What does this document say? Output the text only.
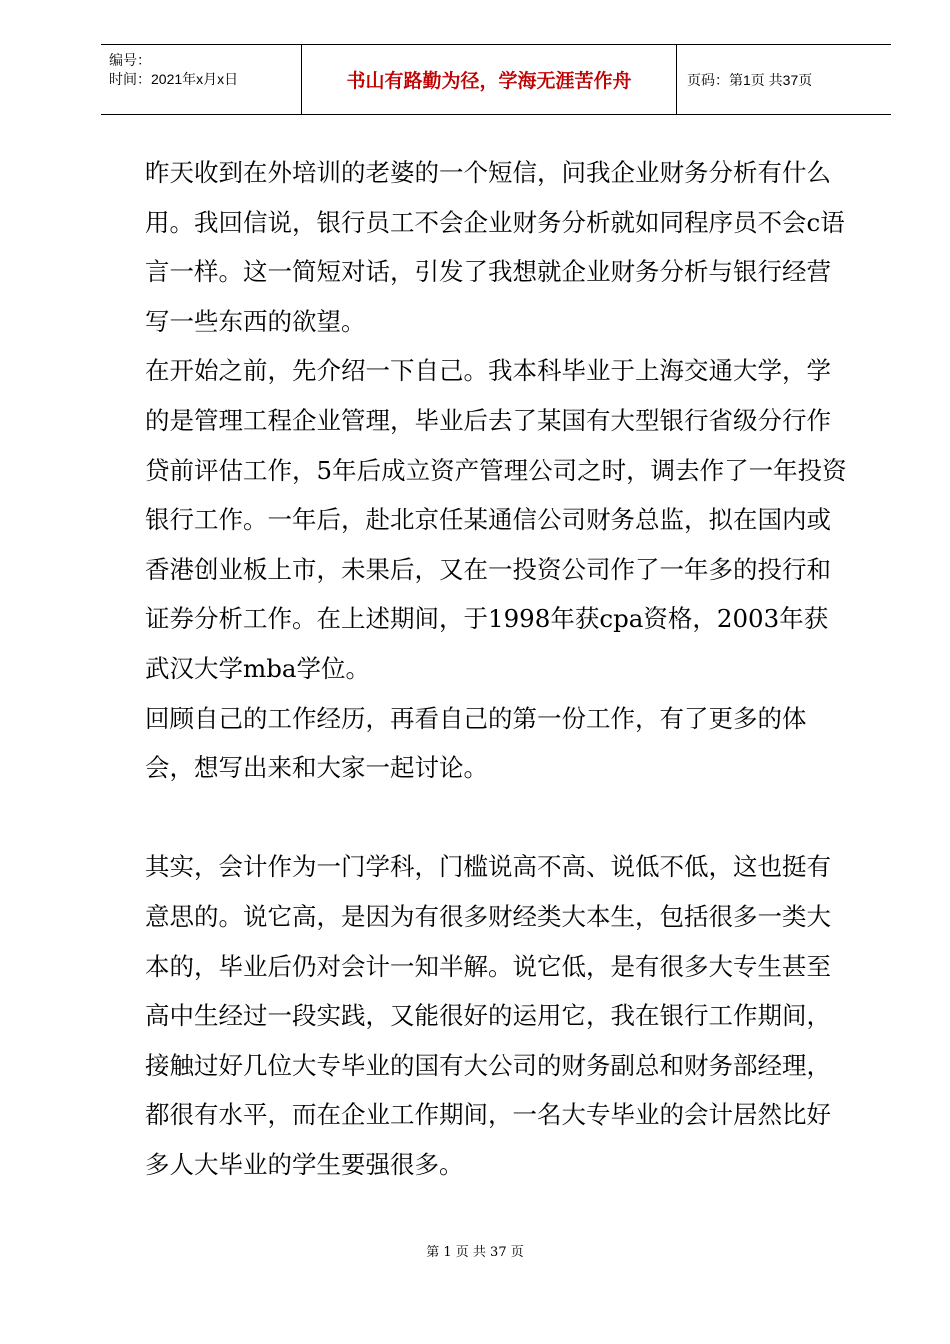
编号：
时间：2021年x月x日	书山有路勤为径，学海无涯苦作舟	页码：第1页 共37页

昨天收到在外培训的老婆的一个短信，问我企业财务分析有什么用。我回信说，银行员工不会企业财务分析就如同程序员不会c语言一样。这一简短对话，引发了我想就企业财务分析与银行经营写一些东西的欲望。

在开始之前，先介绍一下自己。我本科毕业于上海交通大学，学的是管理工程企业管理，毕业后去了某国有大型银行省级分行作贷前评估工作，5年后成立资产管理公司之时，调去作了一年投资银行工作。一年后，赴北京任某通信公司财务总监，拟在国内或香港创业板上市，未果后，又在一投资公司作了一年多的投行和证券分析工作。在上述期间，于1998年获cpa资格，2003年获武汉大学mba学位。

回顾自己的工作经历，再看自己的第一份工作，有了更多的体会，想写出来和大家一起讨论。

其实，会计作为一门学科，门槛说高不高、说低不低，这也挺有意思的。说它高，是因为有很多财经类大本生，包括很多一类大本的，毕业后仍对会计一知半解。说它低，是有很多大专生甚至高中生经过一段实践，又能很好的运用它，我在银行工作期间，接触过好几位大专毕业的国有大公司的财务副总和财务部经理，都很有水平，而在企业工作期间，一名大专毕业的会计居然比好多人大毕业的学生要强很多。

第 1 页 共 37 页
